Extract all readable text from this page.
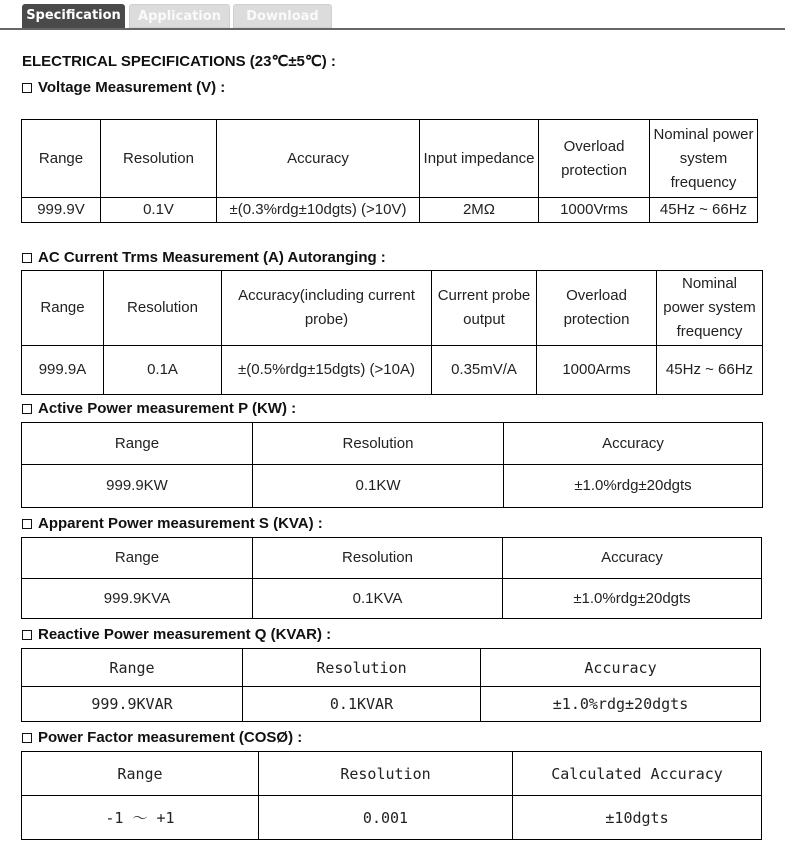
Specification	Application	Download
ELECTRICAL SPECIFICATIONS (23℃±5℃) :
Voltage Measurement (V) :
Range	Resolution	Accuracy	Input impedance	Overload protection	Nominal power system frequency
999.9V	0.1V	±(0.3%rdg±10dgts) (>10V)	2MΩ	1000Vrms	45Hz ~ 66Hz
AC Current Trms Measurement (A) Autoranging :
Range	Resolution	Accuracy(including current probe)	Current probe output	Overload protection	Nominal power system frequency
999.9A	0.1A	±(0.5%rdg±15dgts) (>10A)	0.35mV/A	1000Arms	45Hz ~ 66Hz
Active Power measurement P (KW) :
Range	Resolution	Accuracy
999.9KW	0.1KW	±1.0%rdg±20dgts
Apparent Power measurement S (KVA) :
Range	Resolution	Accuracy
999.9KVA	0.1KVA	±1.0%rdg±20dgts
Reactive Power measurement Q (KVAR) :
Range	Resolution	Accuracy
999.9KVAR	0.1KVAR	±1.0%rdg±20dgts
Power Factor measurement (COSØ) :
Range	Resolution	Calculated Accuracy
-1 ～ +1	0.001	±10dgts
